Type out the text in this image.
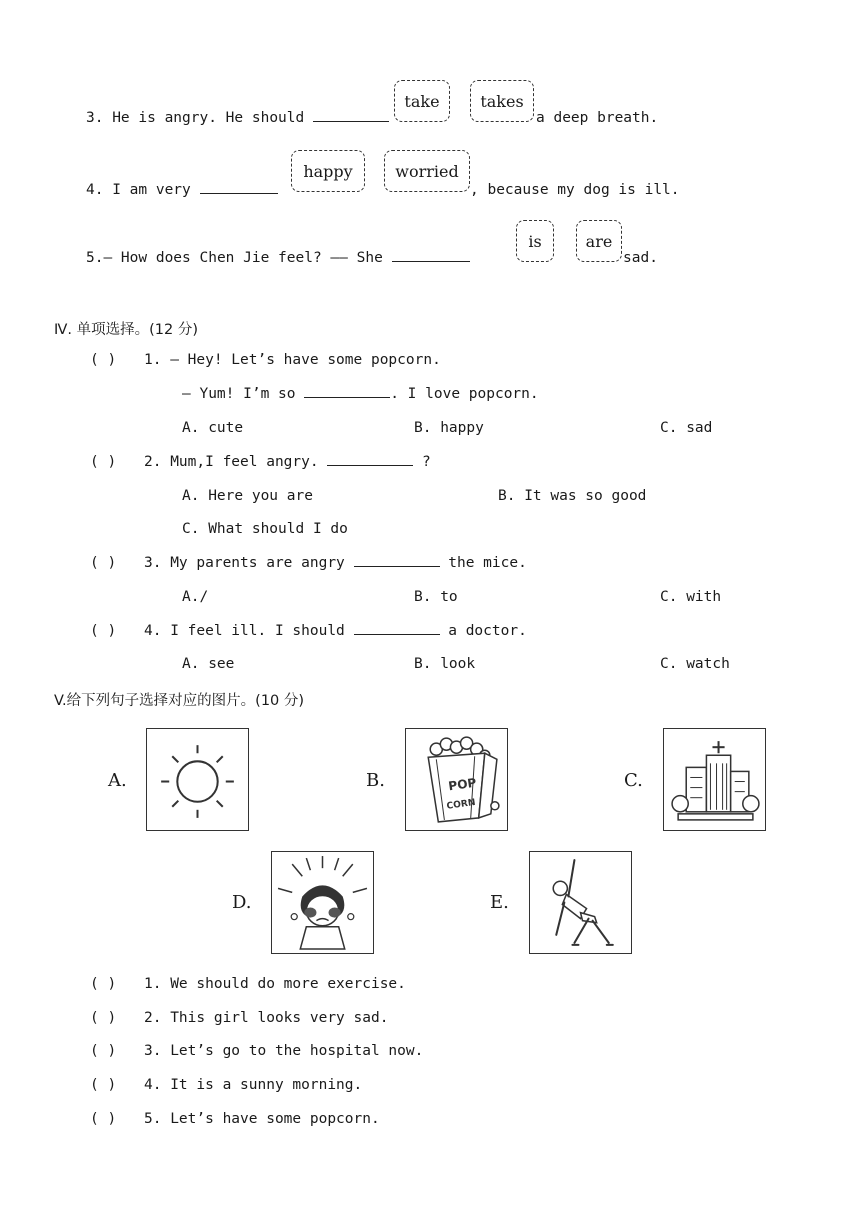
3. He is angry. He should
take	takes
a deep breath.
4. I am very
happy	worried
, because my dog is ill.
5.— How does Chen Jie feel? —— She
is	are
sad.
Ⅳ. 单项选择。(12 分)
( ) 1. — Hey! Let’s have some popcorn.
— Yum! I’m so	. I love popcorn.
A. cute	B. happy	C. sad
( ) 2. Mum,I feel angry.	?
A. Here you are	B. It was so good
C. What should I do
( ) 3. My parents are angry	the mice.
A./	B. to	C. with
( ) 4. I feel ill. I should	a doctor.
A. see	B. look	C. watch
V.给下列句子选择对应的图片。(10 分)
A.	B.	POP
CORN
C.
D.	E.
( ) 1. We should do more exercise.
( ) 2. This girl looks very sad.
( ) 3. Let’s go to the hospital now.
( ) 4. It is a sunny morning.
( ) 5. Let’s have some popcorn.
